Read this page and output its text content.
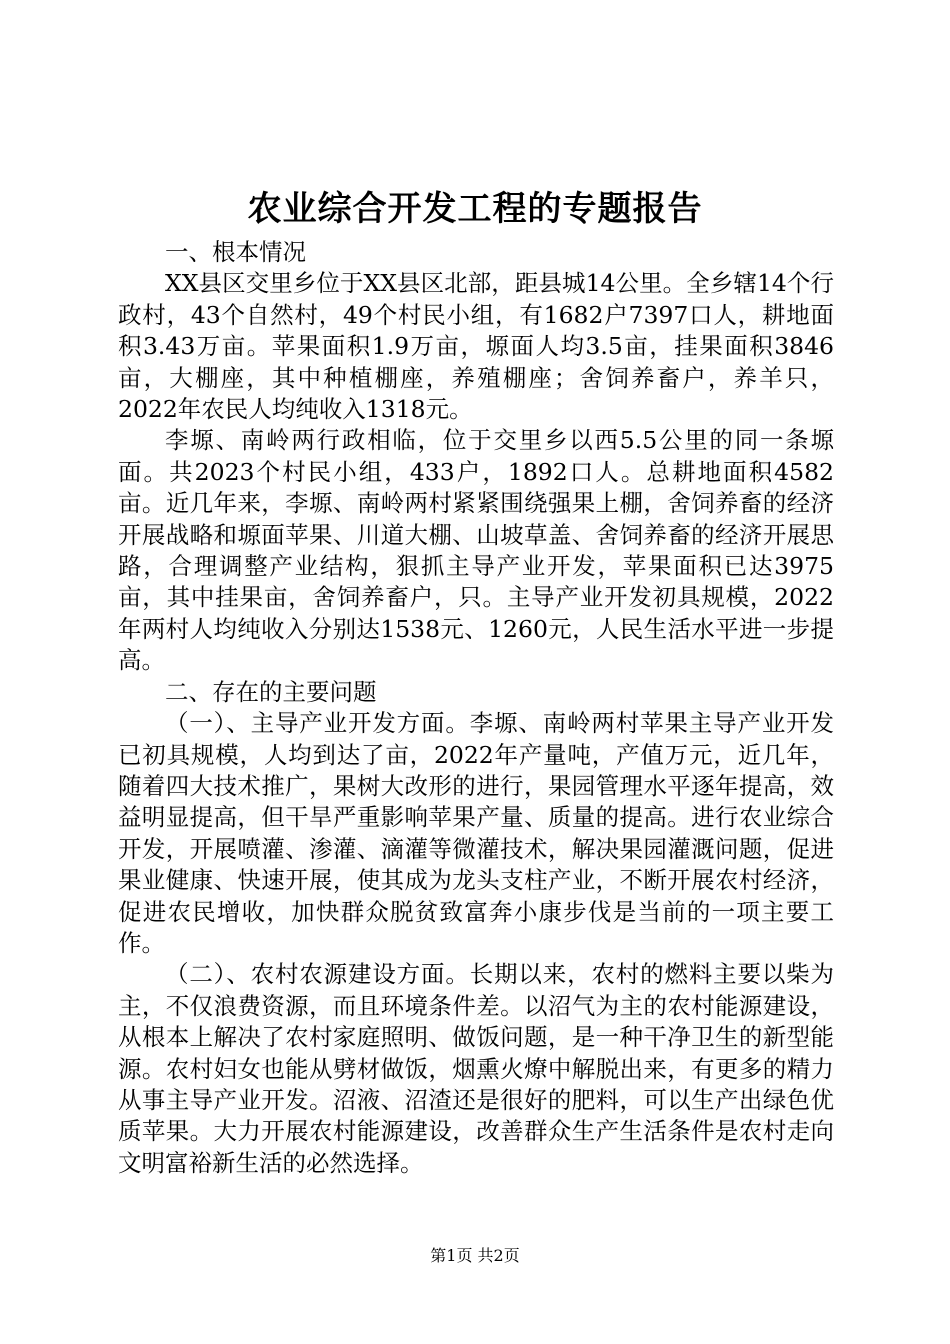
农业综合开发工程的专题报告

一、根本情况

XX县区交里乡位于XX县区北部，距县城14公里。全乡辖14个行政村，43个自然村，49个村民小组，有1682户7397口人，耕地面积3.43万亩。苹果面积1.9万亩，塬面人均3.5亩，挂果面积3846亩，大棚座，其中种植棚座，养殖棚座；舍饲养畜户，养羊只，2022年农民人均纯收入1318元。

李塬、南岭两行政相临，位于交里乡以西5.5公里的同一条塬面。共2023个村民小组，433户，1892口人。总耕地面积4582亩。近几年来，李塬、南岭两村紧紧围绕强果上棚，舍饲养畜的经济开展战略和塬面苹果、川道大棚、山坡草盖、舍饲养畜的经济开展思路，合理调整产业结构，狠抓主导产业开发，苹果面积已达3975亩，其中挂果亩，舍饲养畜户，只。主导产业开发初具规模，2022年两村人均纯收入分别达1538元、1260元，人民生活水平进一步提高。

二、存在的主要问题

（一）、主导产业开发方面。李塬、南岭两村苹果主导产业开发已初具规模，人均到达了亩，2022年产量吨，产值万元，近几年，随着四大技术推广，果树大改形的进行，果园管理水平逐年提高，效益明显提高，但干旱严重影响苹果产量、质量的提高。进行农业综合开发，开展喷灌、渗灌、滴灌等微灌技术，解决果园灌溉问题，促进果业健康、快速开展，使其成为龙头支柱产业，不断开展农村经济，促进农民增收，加快群众脱贫致富奔小康步伐是当前的一项主要工作。

（二）、农村农源建设方面。长期以来，农村的燃料主要以柴为主，不仅浪费资源，而且环境条件差。以沼气为主的农村能源建设，从根本上解决了农村家庭照明、做饭问题，是一种干净卫生的新型能源。农村妇女也能从劈材做饭，烟熏火燎中解脱出来，有更多的精力从事主导产业开发。沼液、沼渣还是很好的肥料，可以生产出绿色优质苹果。大力开展农村能源建设，改善群众生产生活条件是农村走向文明富裕新生活的必然选择。

第1页 共2页
